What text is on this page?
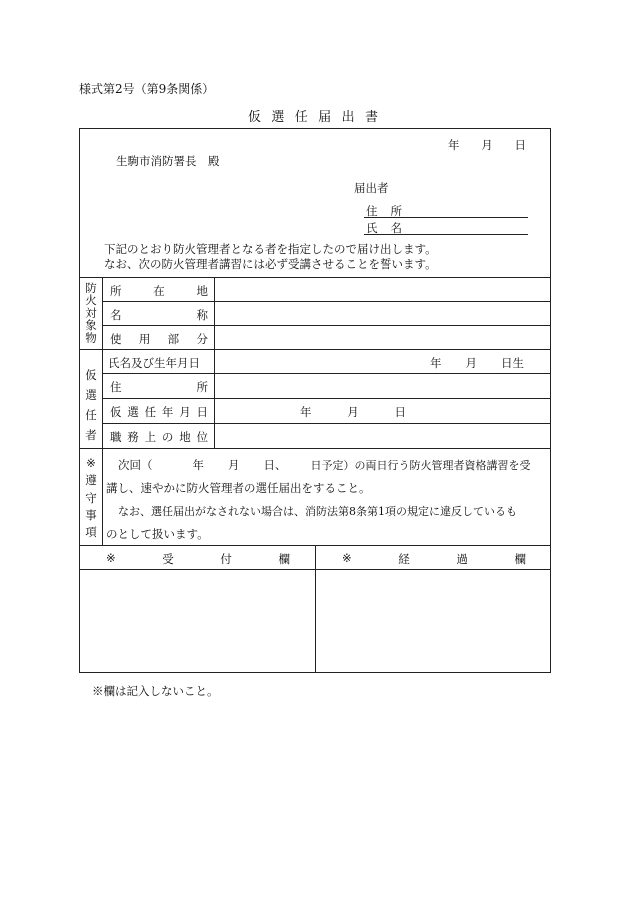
様式第2号（第9条関係）
仮 選 任 届 出 書
年 月 日
生駒市消防署長　殿
届出者
住 所
氏 名
下記のとおり防火管理者となる者を指定したので届け出します。
なお、次の防火管理者講習には必ず受講させることを誓います。
防
火
対
象
物
所	在	地
名	称
使 用 部 分
仮
選
任
者
氏名及び生年月日	年 月 日生
住	所
仮 選 任 年 月 日	年	月	日
職 務 上 の 地 位
※
遵
守
事
項
次回（	年 月 日、 日予定）の両日行う防火管理者資格講習を受
講し、速やかに防火管理者の選任届出をすること。
なお、選任届出がなされない場合は、消防法第8条第1項の規定に違反しているも
のとして扱います。
※	受	付	欄	※	経	過	欄
※欄は記入しないこと。
